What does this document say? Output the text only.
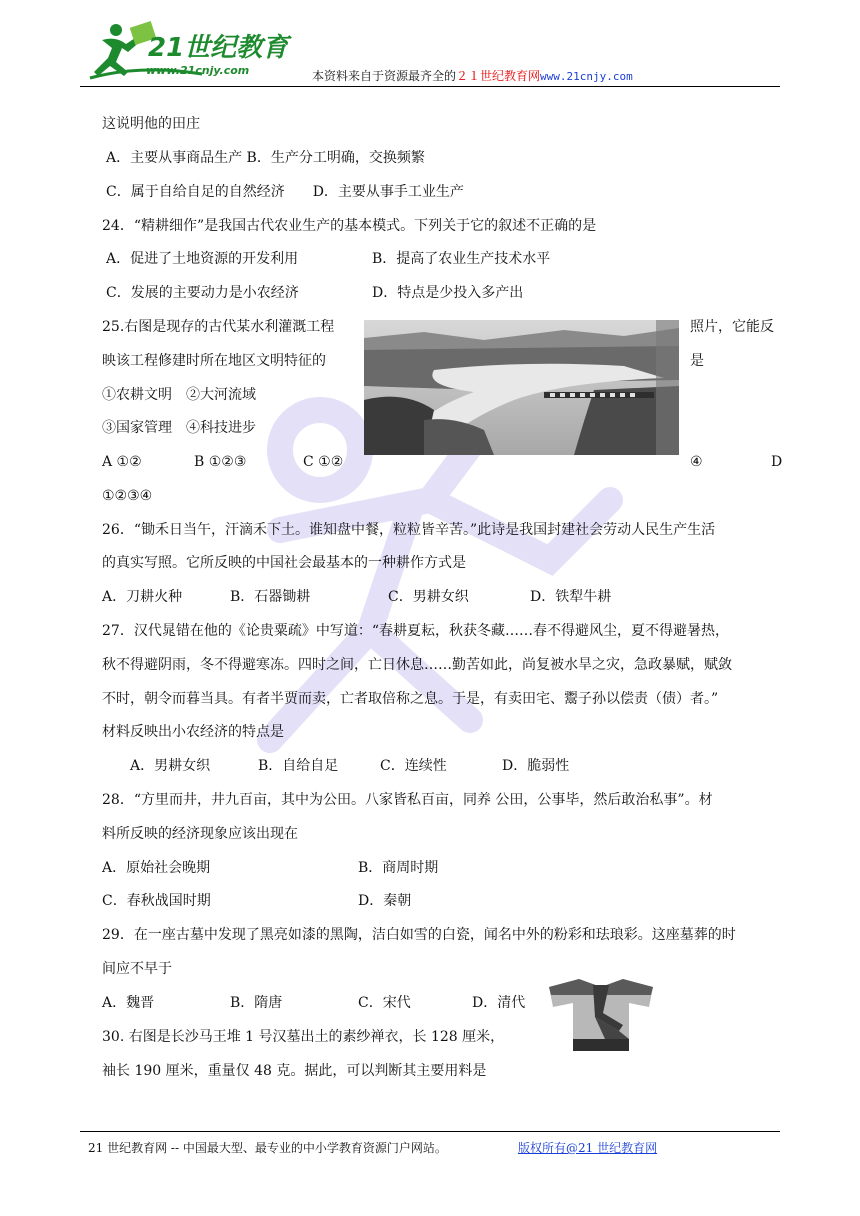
21世纪教育
www.21cnjy.com	本资料来自于资源最齐全的２１世纪教育网www.21cnjy.com
这说明他的田庄
A．主要从事商品生产 B．生产分工明确，交换频繁
C．属于自给自足的自然经济　　D．主要从事手工业生产
24．“精耕细作”是我国古代农业生产的基本模式。下列关于它的叙述不正确的是
A．促进了土地资源的开发利用	B．提高了农业生产技术水平
C．发展的主要动力是小农经济	D．特点是少投入多产出
25.右图是现存的古代某水利灌溉工程	照片，它能反
映该工程修建时所在地区文明特征的	是
①农耕文明　②大河流域
③国家管理　④科技进步
A ①②	B ①②③	C ①②	④	D
①②③④
26．“锄禾日当午，汗滴禾下土。谁知盘中餐，粒粒皆辛苦。”此诗是我国封建社会劳动人民生产生活
的真实写照。它所反映的中国社会最基本的一种耕作方式是
A．刀耕火种	B．石器锄耕	C．男耕女织	D．铁犁牛耕
27．汉代晁错在他的《论贵粟疏》中写道：“春耕夏耘，秋获冬藏……春不得避风尘，夏不得避暑热，
秋不得避阴雨，冬不得避寒冻。四时之间，亡日休息……勤苦如此，尚复被水旱之灾，急政暴赋，赋敛
不时，朝令而暮当具。有者半贾而卖，亡者取倍称之息。于是，有卖田宅、鬻子孙以偿责（债）者。”
材料反映出小农经济的特点是
A．男耕女织	B．自给自足	C．连续性	D．脆弱性
28．“方里而井，井九百亩，其中为公田。八家皆私百亩，同养 公田，公事毕，然后敢治私事”。材
料所反映的经济现象应该出现在
A．原始社会晚期	B．商周时期
C．春秋战国时期	D．秦朝
29．在一座古墓中发现了黑亮如漆的黑陶，洁白如雪的白瓷，闻名中外的粉彩和珐琅彩。这座墓葬的时
间应不早于
A．魏晋	B．隋唐	C．宋代	D．清代
30. 右图是长沙马王堆 1 号汉墓出土的素纱禅衣，长 128 厘米，
袖长 190 厘米，重量仅 48 克。据此，可以判断其主要用料是
21 世纪教育网 -- 中国最大型、最专业的中小学教育资源门户网站。	版权所有@21 世纪教育网
